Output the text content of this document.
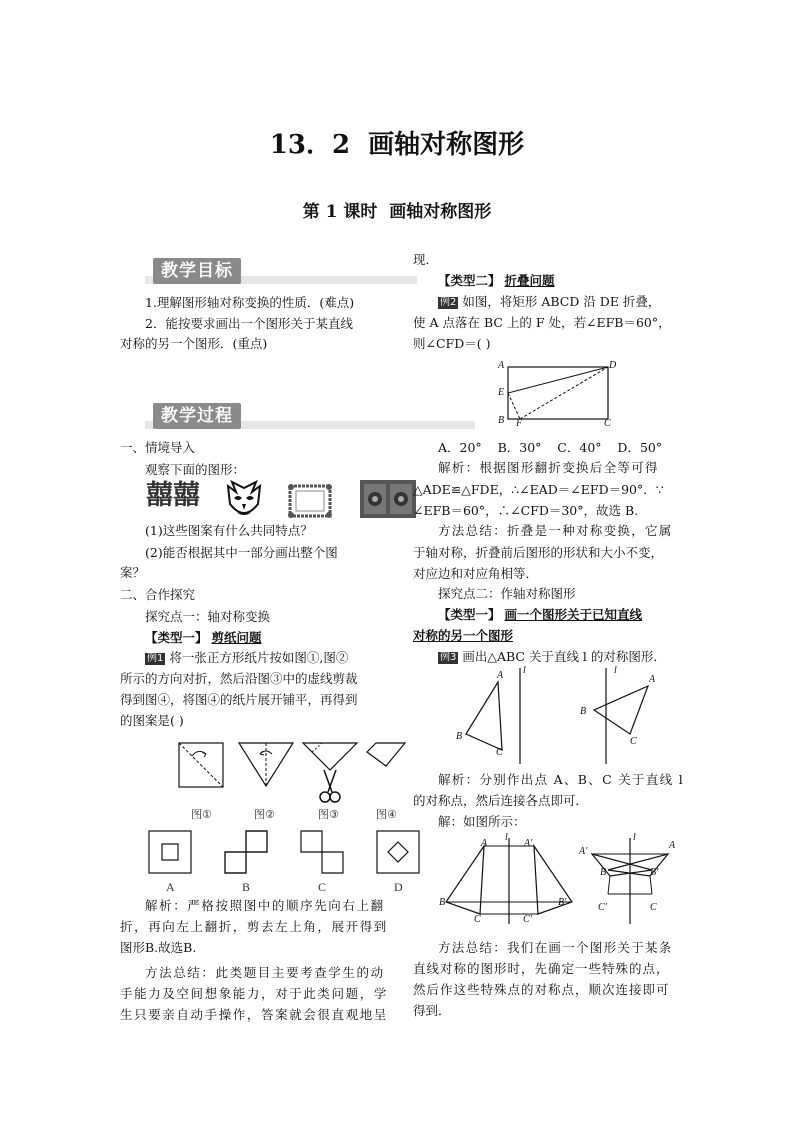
13．2  画轴对称图形
第 1 课时  画轴对称图形
教学目标
1.理解图形轴对称变换的性质．(难点)
2．能按要求画出一个图形关于某直线
对称的另一个图形．(重点)
教学过程
一、情境导入
观察下面的图形：
囍囍
(1)这些图案有什么共同特点？
(2)能否根据其中一部分画出整个图
案？
二、合作探究
探究点一：轴对称变换
【类型一】 剪纸问题
例1 将一张正方形纸片按如图①,图②
所示的方向对折，然后沿图③中的虚线剪裁
得到图④，将图④的纸片展开铺平，再得到
的图案是( )
图①	图②	图③	图④
A	B	C	D
解析：严格按照图中的顺序先向右上翻
折，再向左上翻折，剪去左上角，展开得到
图形B.故选B.
方法总结：此类题目主要考查学生的动
手能力及空间想象能力，对于此类问题，学
生只要亲自动手操作，答案就会很直观地呈
现．
【类型二】 折叠问题
例2 如图，将矩形 ABCD 沿 DE 折叠，
使 A 点落在 BC 上的 F 处，若∠EFB＝60°，
则∠CFD＝( )
A	D
E
B F	C
A．20°    B．30°    C．40°    D．50°
解析：根据图形翻折变换后全等可得
△ADE≌△FDE，∴∠EAD＝∠EFD＝90°．∵
∠EFB＝60°，∴∠CFD＝30°，故选 B.
方法总结：折叠是一种对称变换，它属
于轴对称，折叠前后图形的形状和大小不变，
对应边和对应角相等．
探究点二：作轴对称图形
【类型一】 画一个图形关于已知直线
对称的另一个图形
例3 画出△ABC 关于直线 l 的对称图形．
A
B
C
l	l
A
B
C
解析：分别作出点 A、B、C 关于直线 l
的对称点，然后连接各点即可．
解：如图所示：
A	A′
l
B	B′
C	C′
A′
l
A
B	B′
C′	C
方法总结：我们在画一个图形关于某条
直线对称的图形时，先确定一些特殊的点，
然后作这些特殊点的对称点，顺次连接即可
得到．
